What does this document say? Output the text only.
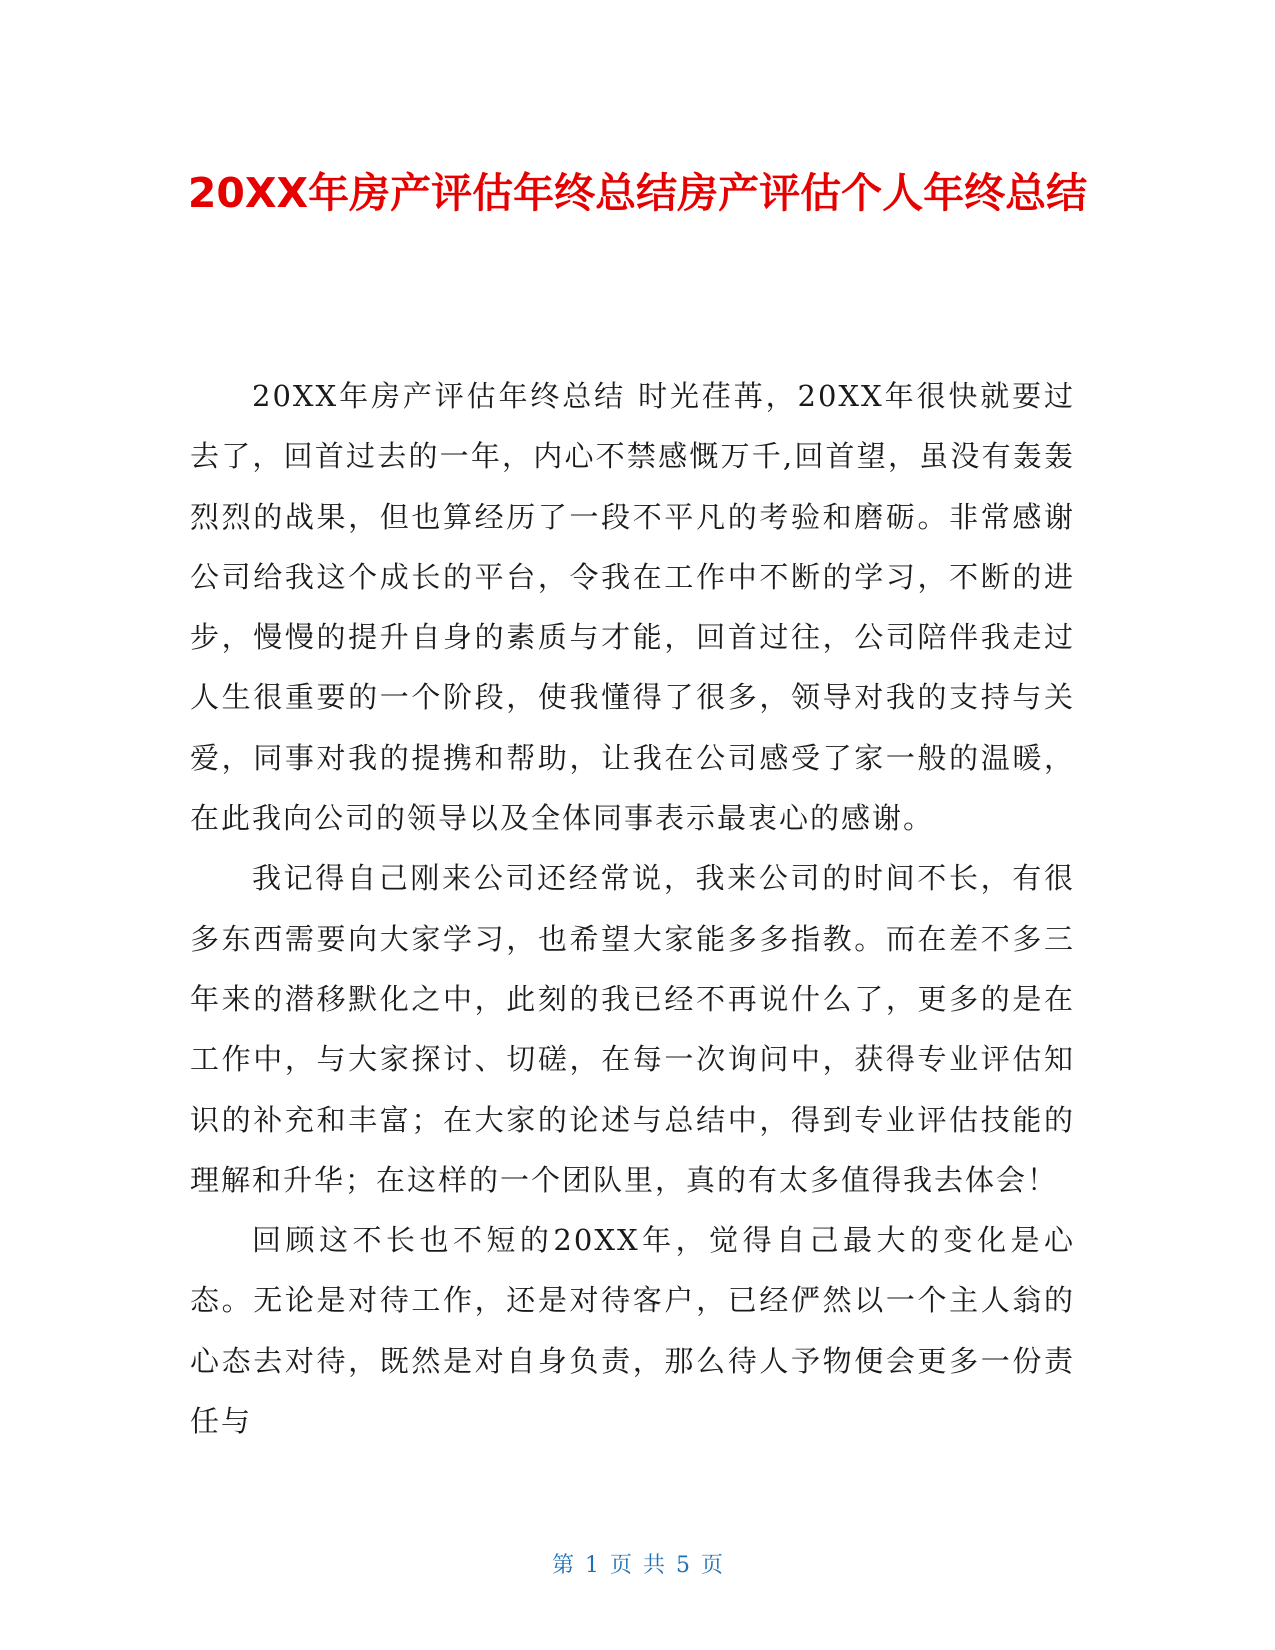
20XX年房产评估年终总结房产评估个人年终总结

20XX年房产评估年终总结 时光荏苒，20XX年很快就要过去了，回首过去的一年，内心不禁感慨万千,回首望，虽没有轰轰烈烈的战果，但也算经历了一段不平凡的考验和磨砺。非常感谢公司给我这个成长的平台，令我在工作中不断的学习，不断的进步，慢慢的提升自身的素质与才能，回首过往，公司陪伴我走过人生很重要的一个阶段，使我懂得了很多，领导对我的支持与关爱，同事对我的提携和帮助，让我在公司感受了家一般的温暖，在此我向公司的领导以及全体同事表示最衷心的感谢。

我记得自己刚来公司还经常说，我来公司的时间不长，有很多东西需要向大家学习，也希望大家能多多指教。而在差不多三年来的潜移默化之中，此刻的我已经不再说什么了，更多的是在工作中，与大家探讨、切磋，在每一次询问中，获得专业评估知识的补充和丰富；在大家的论述与总结中，得到专业评估技能的理解和升华；在这样的一个团队里，真的有太多值得我去体会！

回顾这不长也不短的20XX年，觉得自己最大的变化是心态。无论是对待工作，还是对待客户，已经俨然以一个主人翁的心态去对待，既然是对自身负责，那么待人予物便会更多一份责任与

第 1 页 共 5 页
